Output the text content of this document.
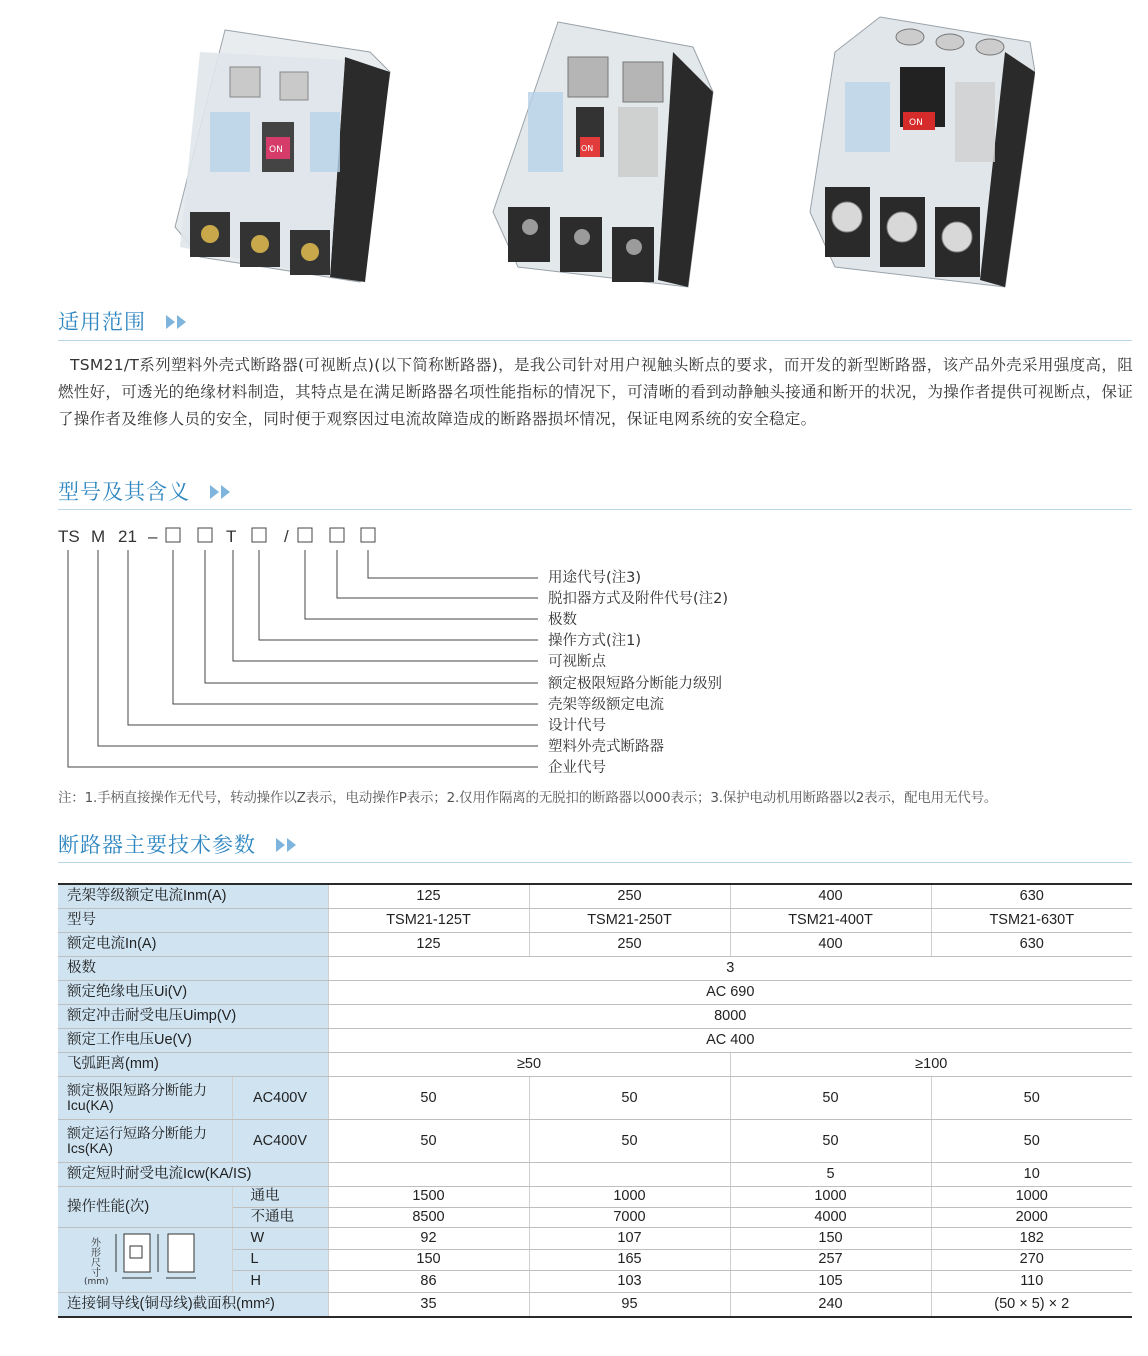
ON	ON
ON
适用范围
TSM21/T系列塑料外壳式断路器(可视断点)(以下简称断路器)，是我公司针对用户视触头断点的要求，而开发的新型断路器，该产品外壳采用强度高，阻燃性好，可透光的绝缘材料制造，其特点是在满足断路器名项性能指标的情况下，可清晰的看到动静触头接通和断开的状况，为操作者提供可视断点，保证了操作者及维修人员的安全，同时便于观察因过电流故障造成的断路器损坏情况，保证电网系统的安全稳定。
型号及其含义
TS M 21 –	T	/
用途代号(注3)
脱扣器方式及附件代号(注2)
极数
操作方式(注1)
可视断点
额定极限短路分断能力级别
壳架等级额定电流
设计代号
塑料外壳式断路器
企业代号
注：1.手柄直接操作无代号，转动操作以Z表示，电动操作P表示；2.仅用作隔离的无脱扣的断路器以000表示；3.保护电动机用断路器以2表示，配电用无代号。
断路器主要技术参数
壳架等级额定电流Inm(A)		125	250	400	630
型号		TSM21-125T	TSM21-250T	TSM21-400T	TSM21-630T
额定电流In(A)		125	250	400	630
极数		3			
额定绝缘电压Ui(V)		AC 690			
额定冲击耐受电压Uimp(V)		8000			
额定工作电压Ue(V)		AC 400			
飞弧距离(mm)		≥50		≥100	

额定极限短路分断能力Icu(KA)	AC400V	50	50	50	50

额定运行短路分断能力Ics(KA)	AC400V	50	50	50	50
额定短时耐受电流Icw(KA/IS)				5	10
操作性能(次)	通电	1500	1000	1000	1000
	不通电	8500	7000	4000	2000

外形尺寸
(mm)	W	92	107	150	182
	L	150	165	257	270
	H	86	103	105	110
连接铜导线(铜母线)截面积(mm²)		35	95	240	(50 × 5) × 2
